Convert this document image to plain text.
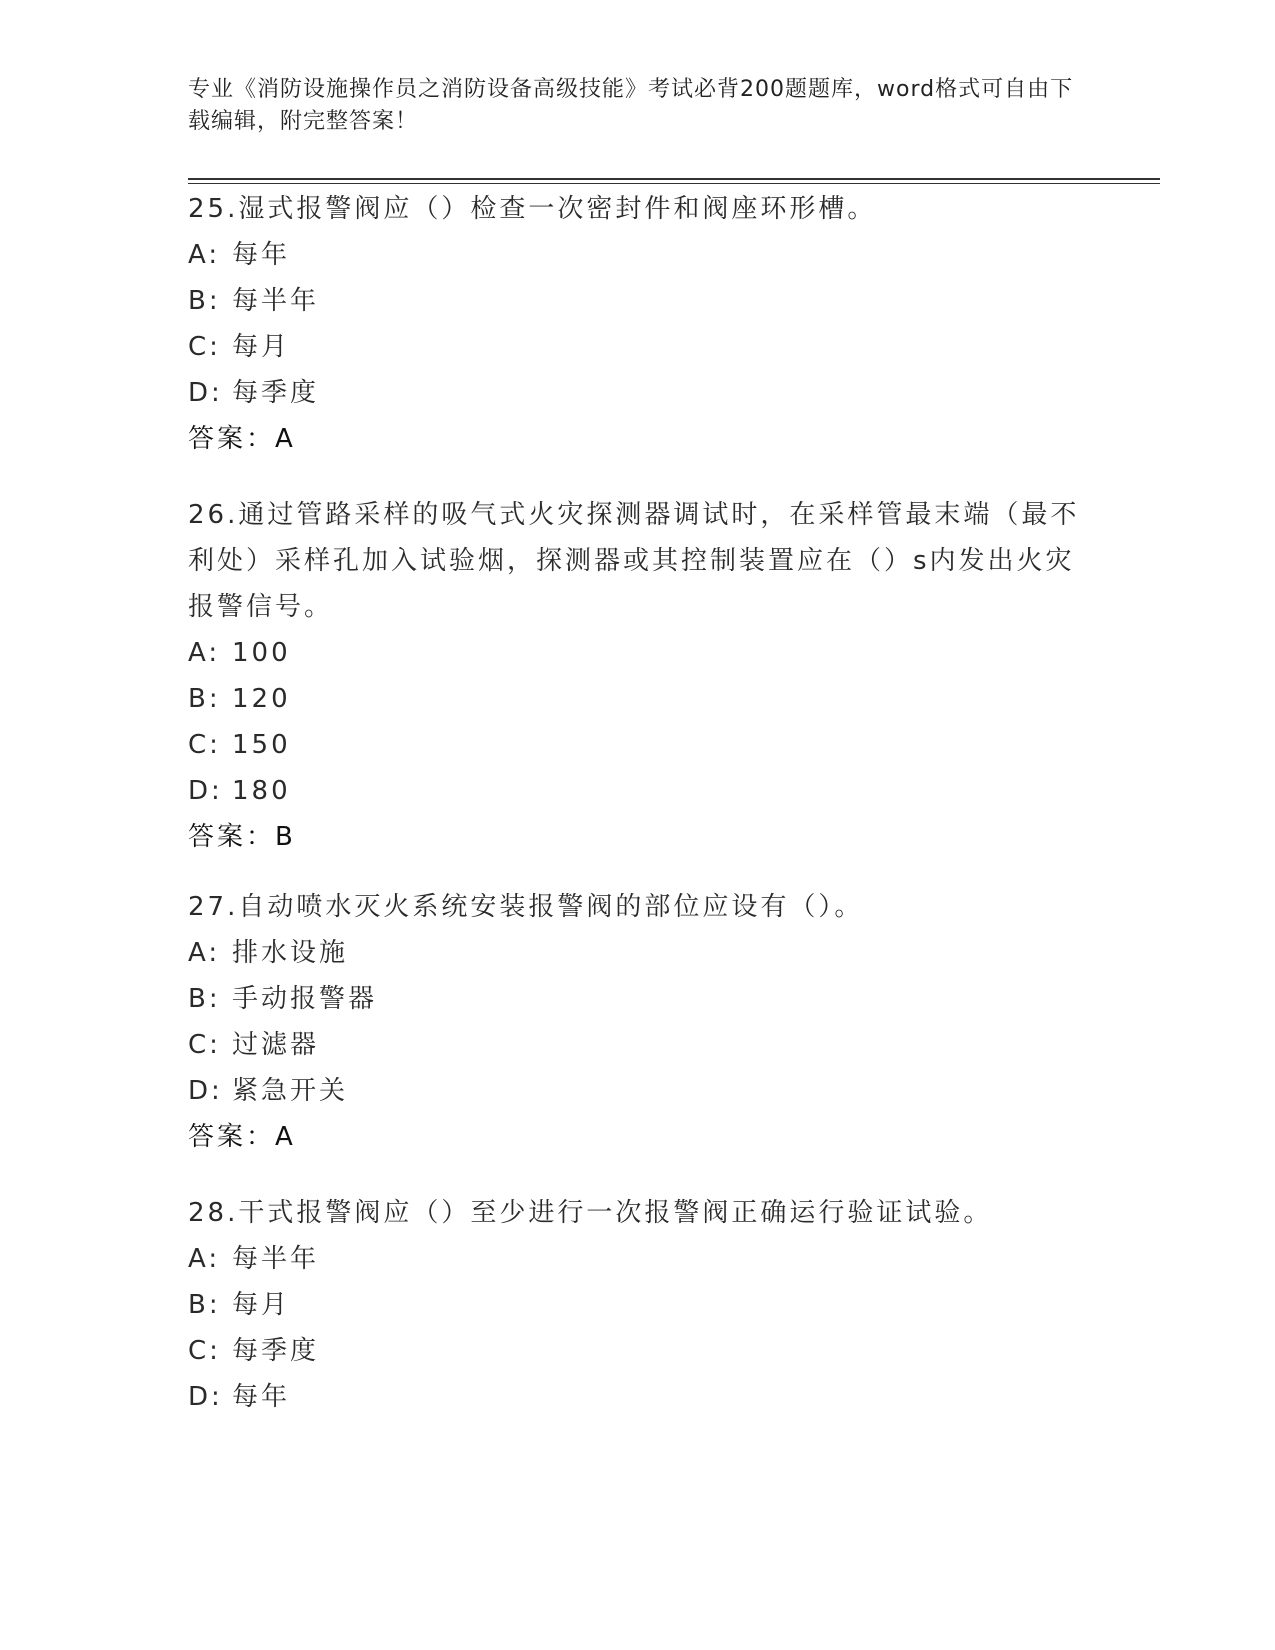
专业《消防设施操作员之消防设备高级技能》考试必背200题题库，word格式可自由下载编辑，附完整答案！

25.湿式报警阀应（）检查一次密封件和阀座环形槽。

A: 每年

B: 每半年

C: 每月

D: 每季度

答案：A

26.通过管路采样的吸气式火灾探测器调试时，在采样管最末端（最不利处）采样孔加入试验烟，探测器或其控制装置应在（）s内发出火灾报警信号。

A: 100

B: 120

C: 150

D: 180

答案：B

27.自动喷水灭火系统安装报警阀的部位应设有（）。

A: 排水设施

B: 手动报警器

C: 过滤器

D: 紧急开关

答案：A

28.干式报警阀应（）至少进行一次报警阀正确运行验证试验。

A: 每半年

B: 每月

C: 每季度

D: 每年
